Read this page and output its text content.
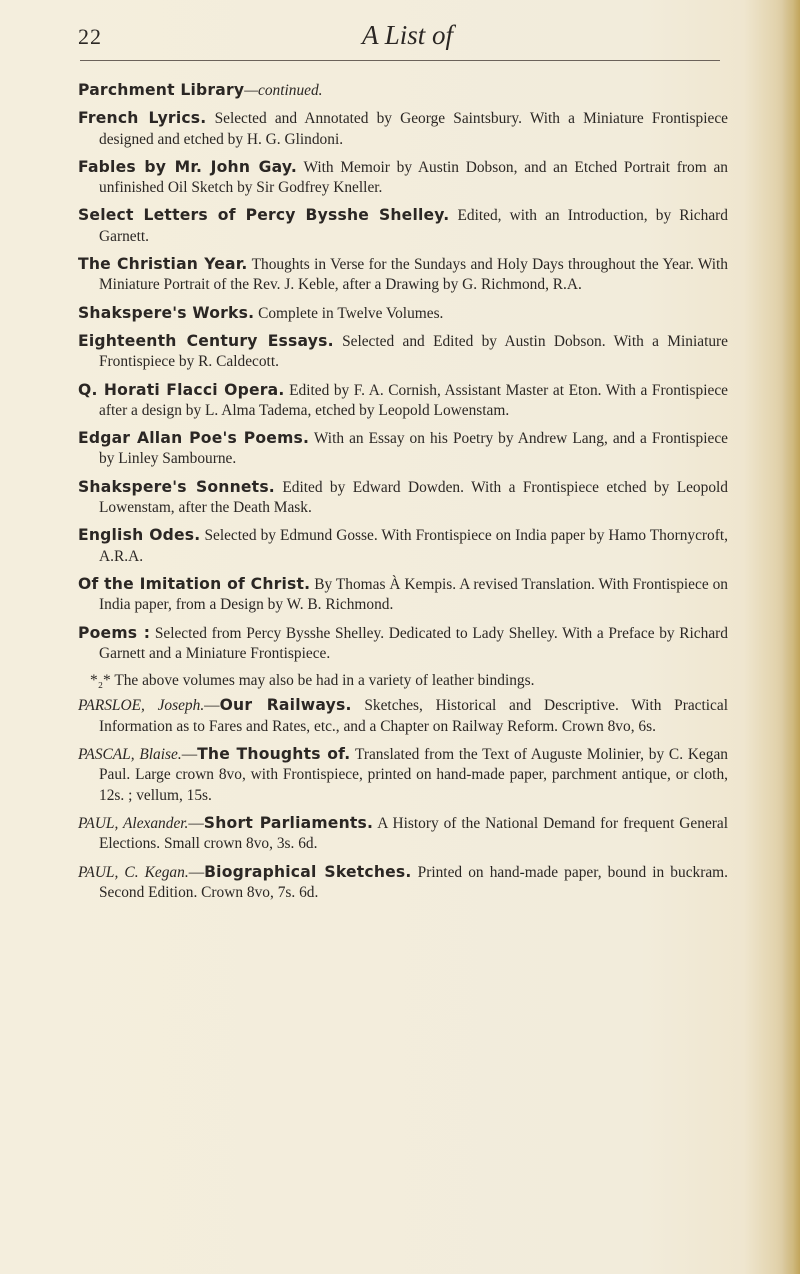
22	A List of
Parchment Library—continued.
French Lyrics. Selected and Annotated by George Saintsbury. With a Miniature Frontispiece designed and etched by H. G. Glindoni.
Fables by Mr. John Gay. With Memoir by Austin Dobson, and an Etched Portrait from an unfinished Oil Sketch by Sir Godfrey Kneller.
Select Letters of Percy Bysshe Shelley. Edited, with an Introduction, by Richard Garnett.
The Christian Year. Thoughts in Verse for the Sundays and Holy Days throughout the Year. With Miniature Portrait of the Rev. J. Keble, after a Drawing by G. Richmond, R.A.
Shakspere's Works. Complete in Twelve Volumes.
Eighteenth Century Essays. Selected and Edited by Austin Dobson. With a Miniature Frontispiece by R. Caldecott.
Q. Horati Flacci Opera. Edited by F. A. Cornish, Assistant Master at Eton. With a Frontispiece after a design by L. Alma Tadema, etched by Leopold Lowenstam.
Edgar Allan Poe's Poems. With an Essay on his Poetry by Andrew Lang, and a Frontispiece by Linley Sambourne.
Shakspere's Sonnets. Edited by Edward Dowden. With a Frontispiece etched by Leopold Lowenstam, after the Death Mask.
English Odes. Selected by Edmund Gosse. With Frontispiece on India paper by Hamo Thornycroft, A.R.A.
Of the Imitation of Christ. By Thomas À Kempis. A revised Translation. With Frontispiece on India paper, from a Design by W. B. Richmond.
Poems : Selected from Percy Bysshe Shelley. Dedicated to Lady Shelley. With a Preface by Richard Garnett and a Miniature Frontispiece.
*₂* The above volumes may also be had in a variety of leather bindings.
PARSLOE, Joseph.—Our Railways. Sketches, Historical and Descriptive. With Practical Information as to Fares and Rates, etc., and a Chapter on Railway Reform. Crown 8vo, 6s.
PASCAL, Blaise.—The Thoughts of. Translated from the Text of Auguste Molinier, by C. Kegan Paul. Large crown 8vo, with Frontispiece, printed on hand-made paper, parchment antique, or cloth, 12s. ; vellum, 15s.
PAUL, Alexander.—Short Parliaments. A History of the National Demand for frequent General Elections. Small crown 8vo, 3s. 6d.
PAUL, C. Kegan.—Biographical Sketches. Printed on hand-made paper, bound in buckram. Second Edition. Crown 8vo, 7s. 6d.
